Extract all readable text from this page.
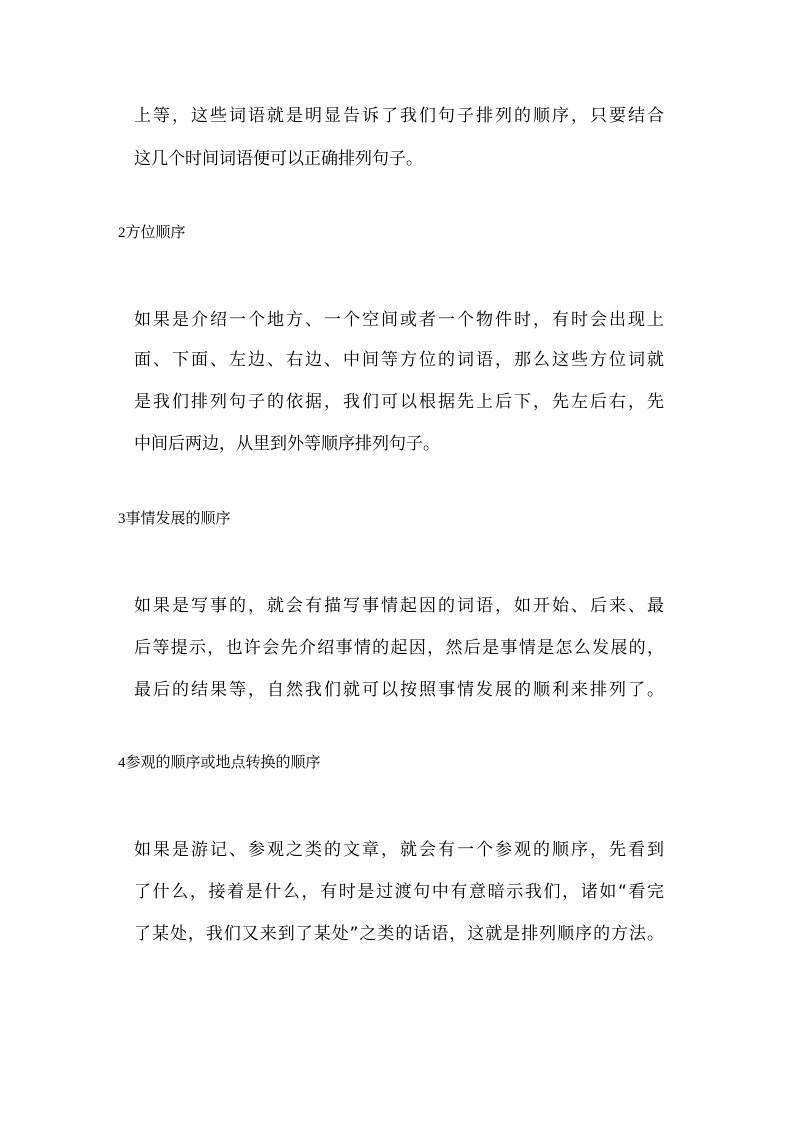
上等，这些词语就是明显告诉了我们句子排列的顺序，只要结合
这几个时间词语便可以正确排列句子。
2方位顺序
如果是介绍一个地方、一个空间或者一个物件时，有时会出现上
面、下面、左边、右边、中间等方位的词语，那么这些方位词就
是我们排列句子的依据，我们可以根据先上后下，先左后右，先
中间后两边，从里到外等顺序排列句子。
3事情发展的顺序
如果是写事的，就会有描写事情起因的词语，如开始、后来、最
后等提示，也许会先介绍事情的起因，然后是事情是怎么发展的，
最后的结果等，自然我们就可以按照事情发展的顺利来排列了。
4参观的顺序或地点转换的顺序
如果是游记、参观之类的文章，就会有一个参观的顺序，先看到
了什么，接着是什么，有时是过渡句中有意暗示我们，诸如“看完
了某处，我们又来到了某处”之类的话语，这就是排列顺序的方法。
